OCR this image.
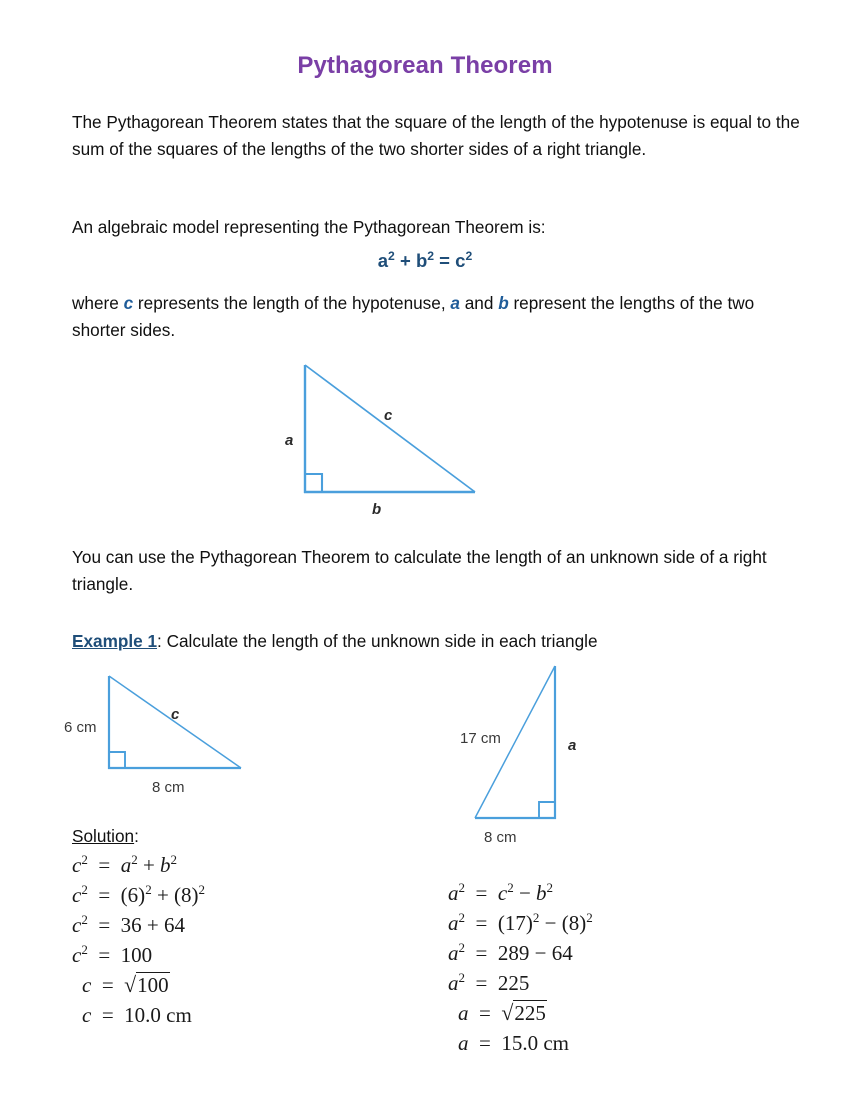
Pythagorean Theorem
The Pythagorean Theorem states that the square of the length of the hypotenuse is equal to the sum of the squares of the lengths of the two shorter sides of a right triangle.
An algebraic model representing the Pythagorean Theorem is:
$a^2 + b^2 = c^2$
where c represents the length of the hypotenuse, a and b represent the lengths of the two shorter sides.
a
c
b
You can use the Pythagorean Theorem to calculate the length of an unknown side of a right triangle.
Example 1: Calculate the length of the unknown side in each triangle
6 cm
c
8 cm
17 cm	a
8 cm
Solution:
$c^2 = a^2 + b^2$
$c^2 = (6)^2 + (8)^2$
$c^2 = 36 + 64$
$c^2 = 100$
c  =  √100
c  =  10.0 cm
$a^2 = c^2 - b^2$
$a^2 = (17)^2 - (8)^2$
$a^2 = 289 - 64$
$a^2 = 225$
a  =  √225
a  =  15.0 cm
